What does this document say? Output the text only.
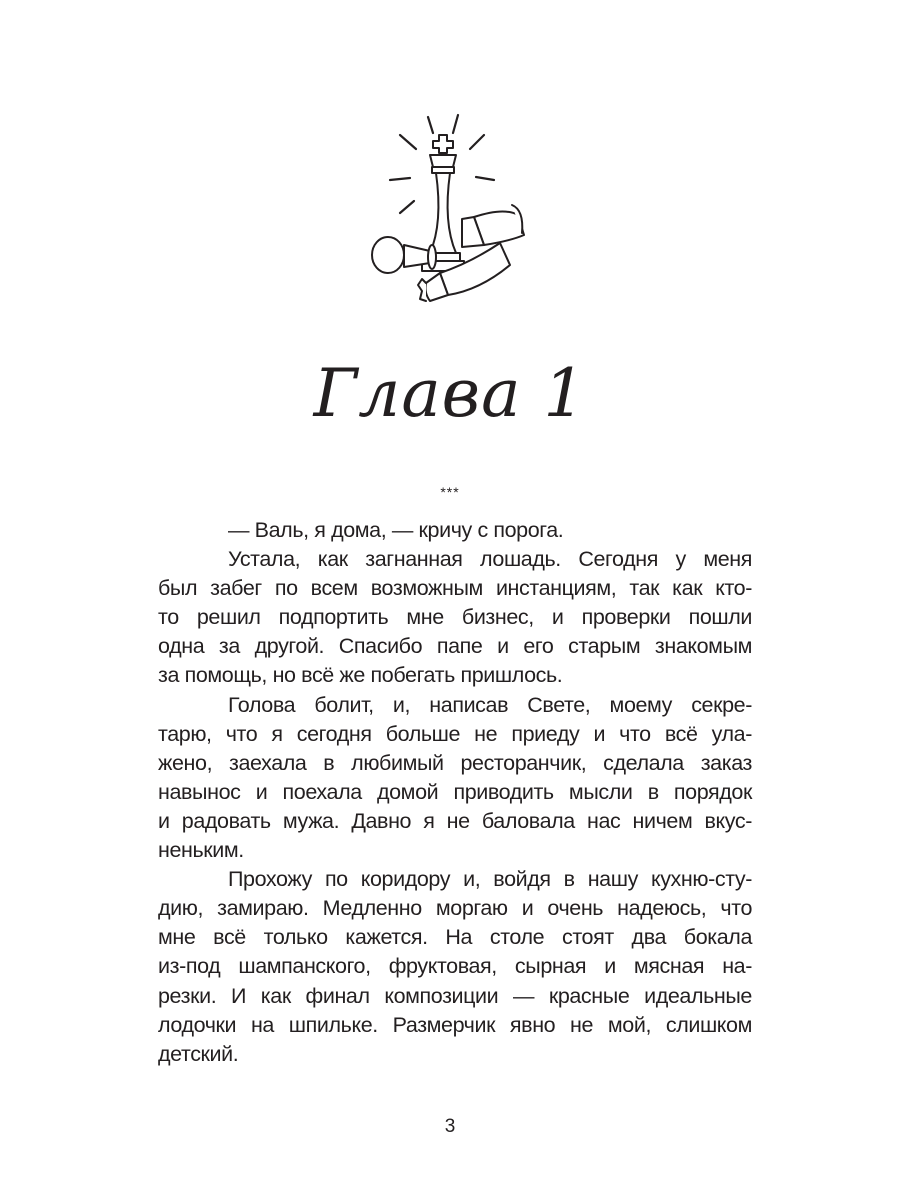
Глава 1
***
— Валь, я дома, — кричу с порога.
Устала, как загнанная лошадь. Сегодня у меня
был забег по всем возможным инстанциям, так как кто-
то решил подпортить мне бизнес, и проверки пошли
одна за другой. Спасибо папе и его старым знакомым
за помощь, но всё же побегать пришлось.
Голова болит, и, написав Свете, моему секре-
тарю, что я сегодня больше не приеду и что всё ула-
жено, заехала в любимый ресторанчик, сделала заказ
навынос и поехала домой приводить мысли в порядок
и радовать мужа. Давно я не баловала нас ничем вкус-
неньким.
Прохожу по коридору и, войдя в нашу кухню-сту-
дию, замираю. Медленно моргаю и очень надеюсь, что
мне всё только кажется. На столе стоят два бокала
из-под шампанского, фруктовая, сырная и мясная на-
резки. И как финал композиции — красные идеальные
лодочки на шпильке. Размерчик явно не мой, слишком
детский.
3
